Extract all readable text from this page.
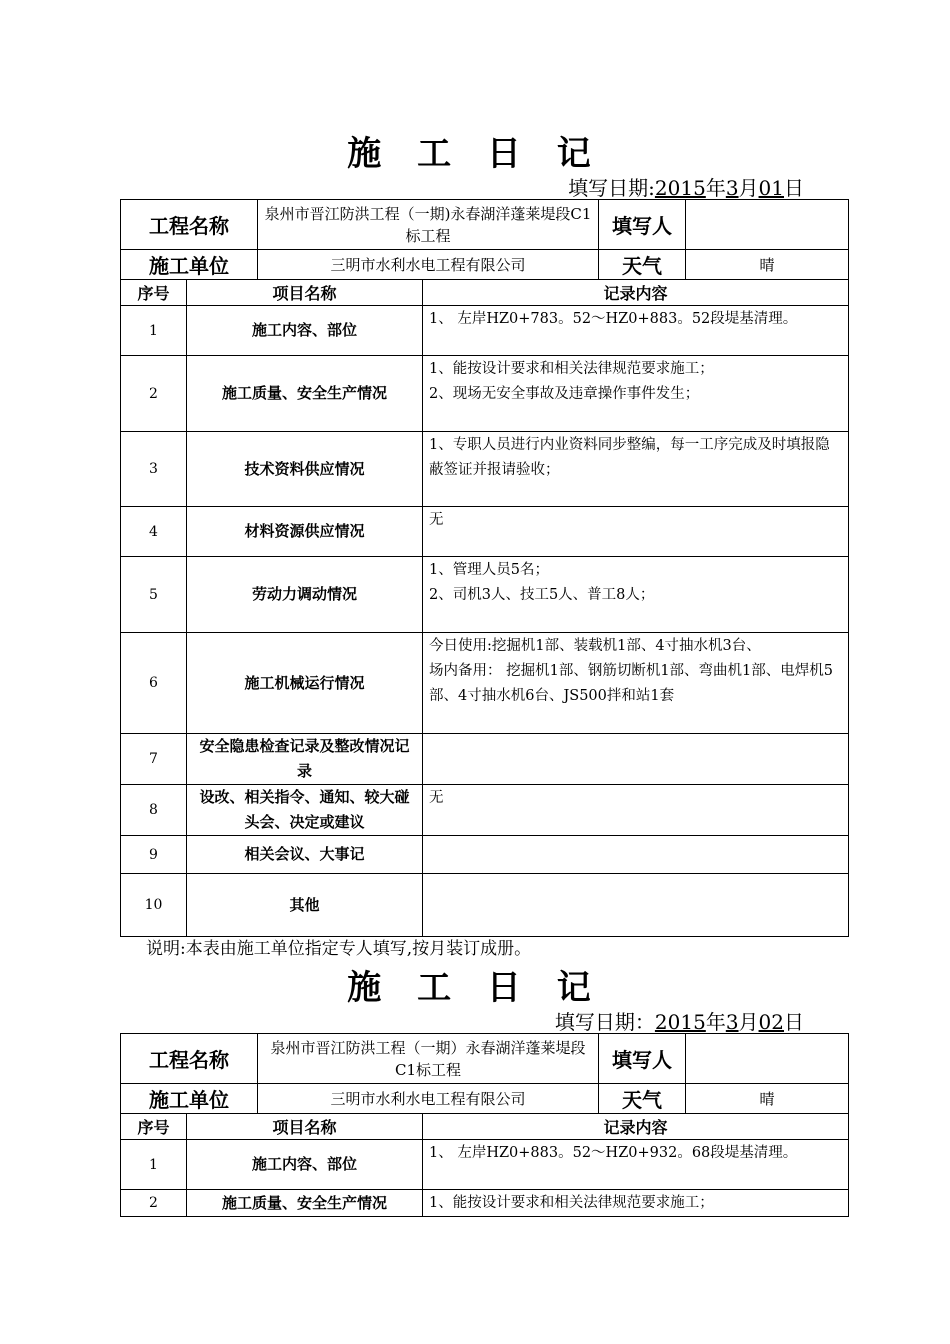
施 工 日 记
填写日期:2015年3月01日
工程名称		泉州市晋江防洪工程（一期)永春湖洋蓬莱堤段C1标工程		填写人	
施工单位		三明市水利水电工程有限公司		天气	晴
序号	项目名称		记录内容		
1	施工内容、部位		1、 左岸HZ0+783。52～HZ0+883。52段堤基清理。		

2	施工质量、安全生产情况		1、能按设计要求和相关法律规范要求施工；
2、现场无安全事故及违章操作事件发生；		

3	技术资料供应情况		1、专职人员进行内业资料同步整编，每一工序完成及时填报隐蔽签证并报请验收；		

4	材料资源供应情况		无		

5	劳动力调动情况		1、管理人员5名；
2、司机3人、技工5人、普工8人；		

6	施工机械运行情况		今日使用:挖掘机1部、装载机1部、4寸抽水机3台、
场内备用： 挖掘机1部、钢筋切断机1部、弯曲机1部、电焊机5部、4寸抽水机6台、JS500拌和站1套		

7	安全隐患检查记录及整改情况记录				
8	设改、相关指令、通知、较大碰头会、决定或建议		无		

9	相关会议、大事记				
10	其他				
说明:本表由施工单位指定专人填写,按月装订成册。
施 工 日 记
填写日期：2015年3月02日
工程名称		泉州市晋江防洪工程（一期）永春湖洋蓬莱堤段C1标工程		填写人	
施工单位		三明市水利水电工程有限公司		天气	晴
序号	项目名称		记录内容		
1	施工内容、部位		1、 左岸HZ0+883。52～HZ0+932。68段堤基清理。		

2	施工质量、安全生产情况		1、能按设计要求和相关法律规范要求施工；		
